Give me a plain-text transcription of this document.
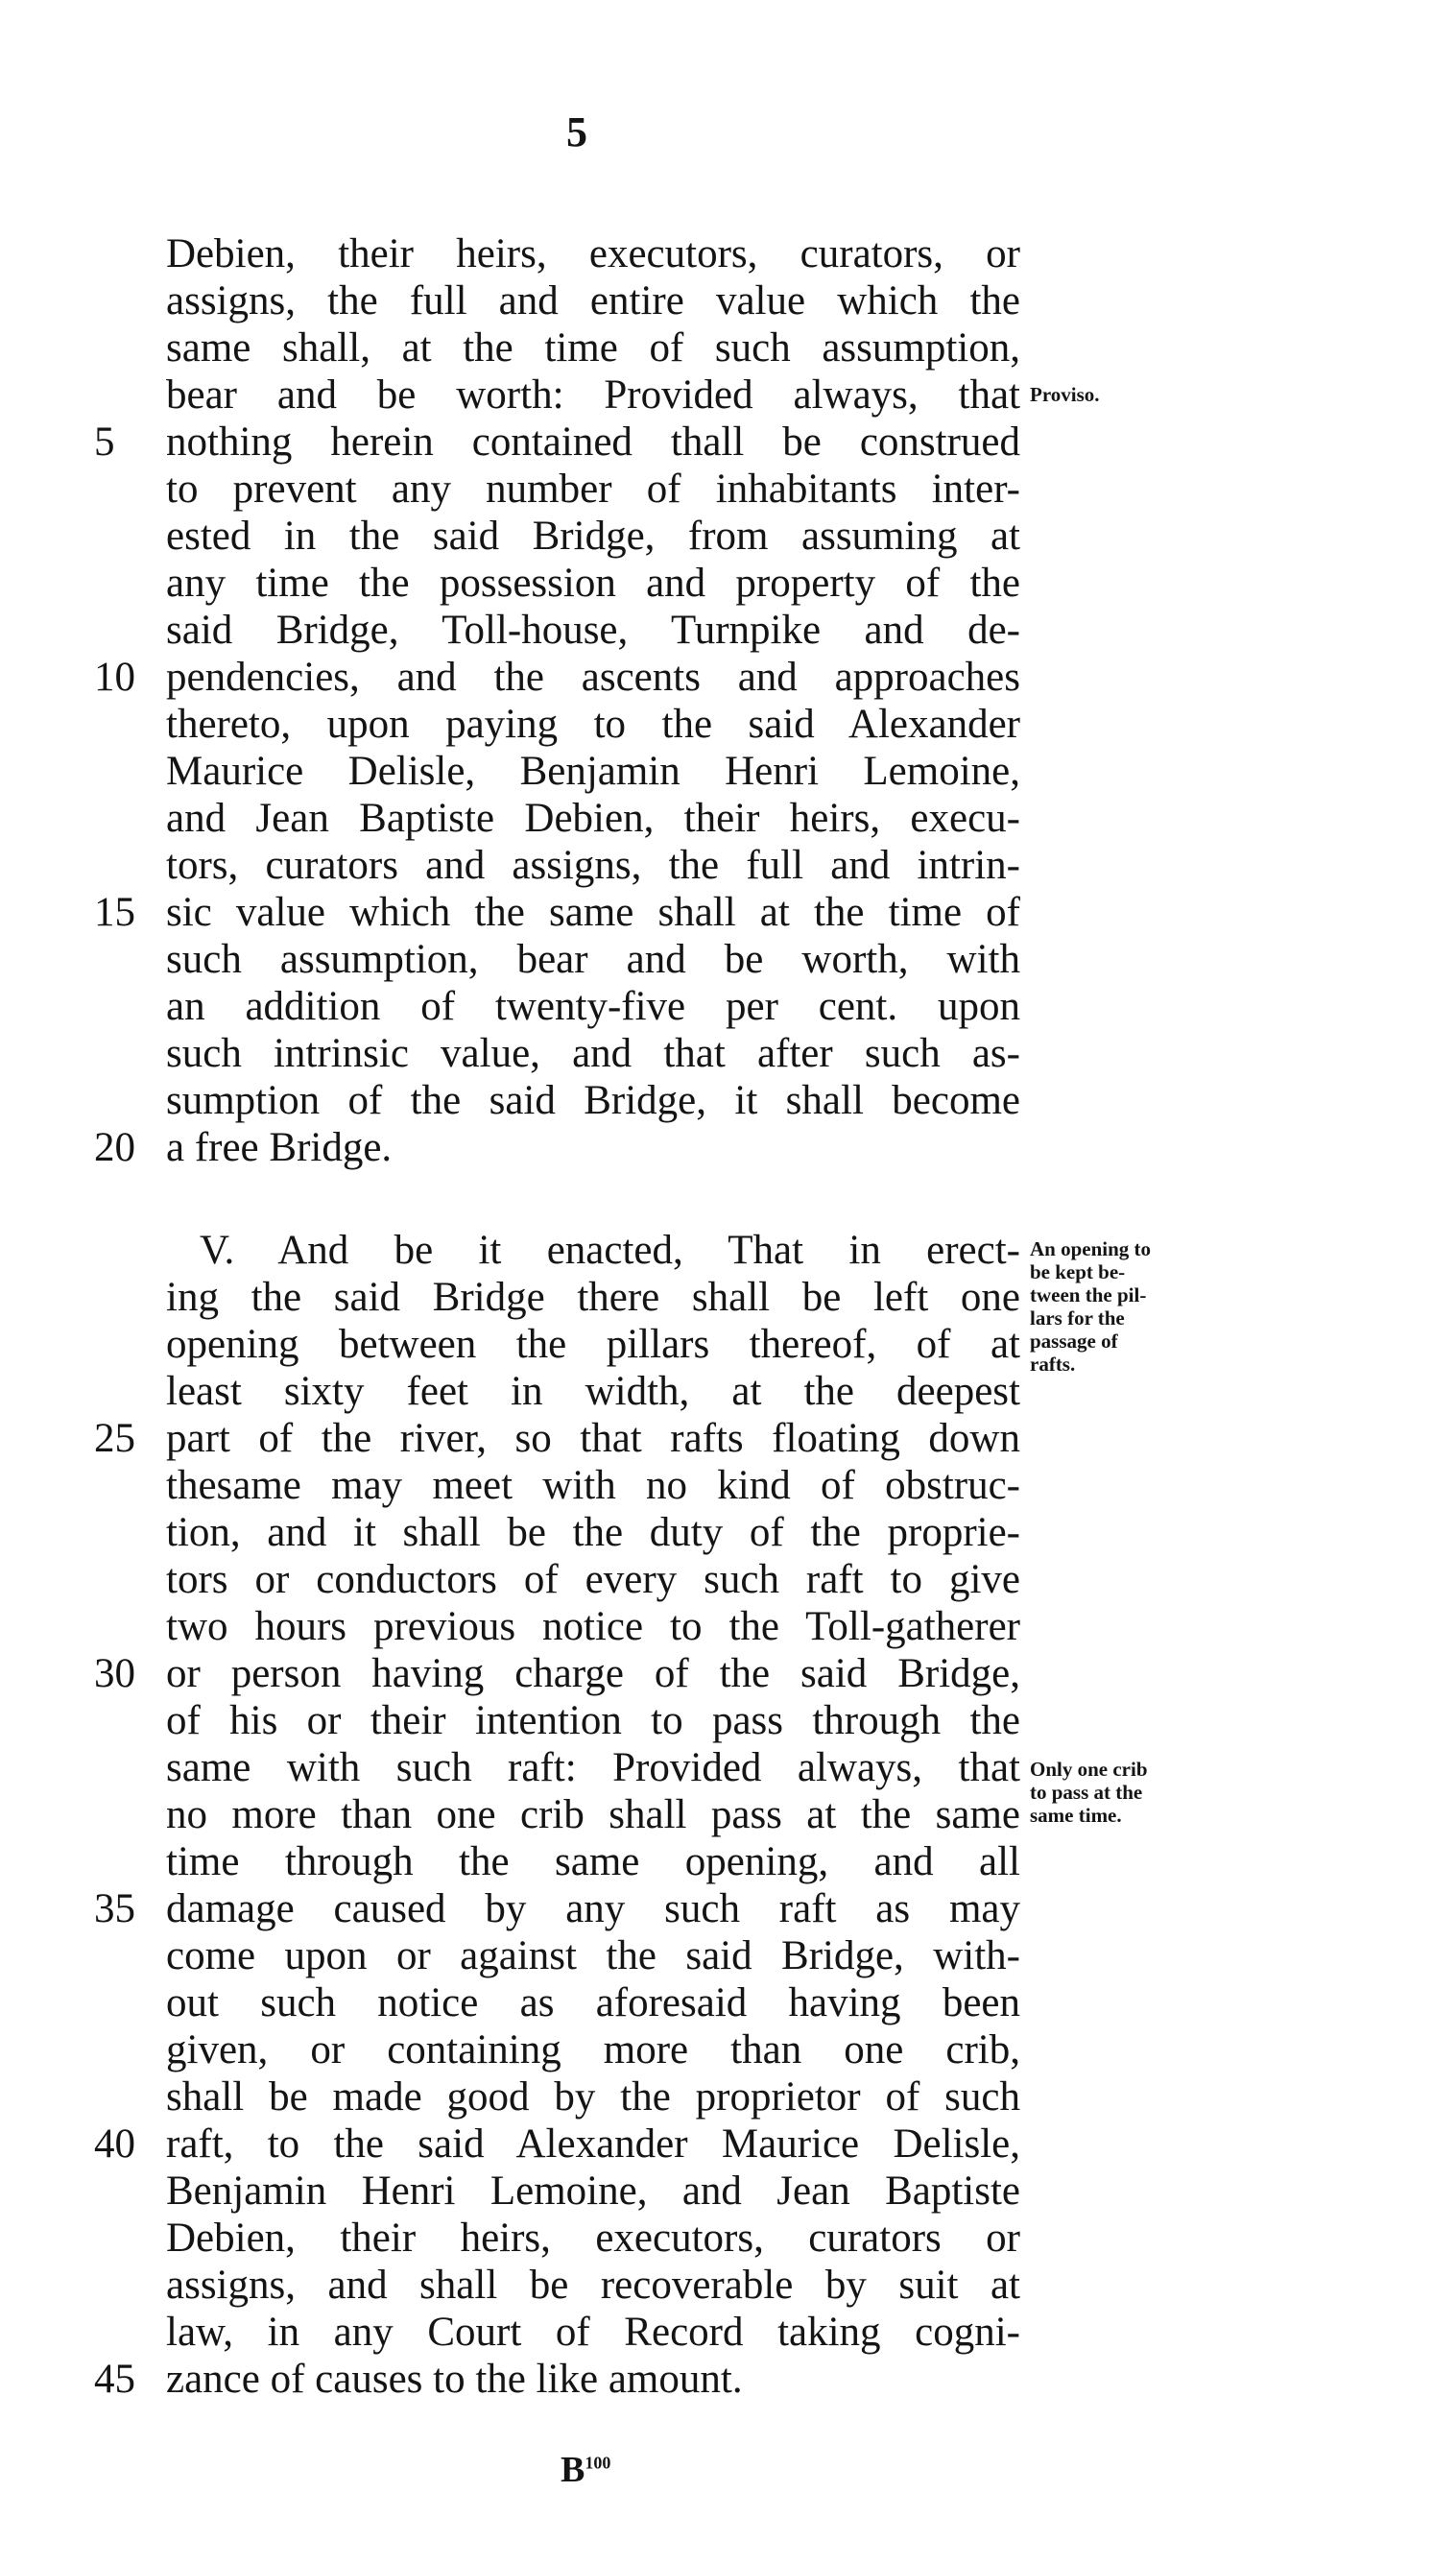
5
Debien, their heirs, executors, curators, or
assigns, the full and entire value which the
same shall, at the time of such assumption,
bear and be worth: Provided always, that
nothing herein contained thall be construed
to prevent any number of inhabitants inter-
ested in the said Bridge, from assuming at
any time the possession and property of the
said Bridge, Toll-house, Turnpike and de-
pendencies, and the ascents and approaches
thereto, upon paying to the said Alexander
Maurice Delisle, Benjamin Henri Lemoine,
and Jean Baptiste Debien, their heirs, execu-
tors, curators and assigns, the full and intrin-
sic value which the same shall at the time of
such assumption, bear and be worth, with
an addition of twenty-five per cent. upon
such intrinsic value, and that after such as-
sumption of the said Bridge, it shall become
a free Bridge.
V. And be it enacted, That in erect-
ing the said Bridge there shall be left one
opening between the pillars thereof, of at
least sixty feet in width, at the deepest
part of the river, so that rafts floating down
thesame may meet with no kind of obstruc-
tion, and it shall be the duty of the proprie-
tors or conductors of every such raft to give
two hours previous notice to the Toll-gatherer
or person having charge of the said Bridge,
of his or their intention to pass through the
same with such raft: Provided always, that
no more than one crib shall pass at the same
time through the same opening, and all
damage caused by any such raft as may
come upon or against the said Bridge, with-
out such notice as aforesaid having been
given, or containing more than one crib,
shall be made good by the proprietor of such
raft, to the said Alexander Maurice Delisle,
Benjamin Henri Lemoine, and Jean Baptiste
Debien, their heirs, executors, curators or
assigns, and shall be recoverable by suit at
law, in any Court of Record taking cogni-
zance of causes to the like amount.
5
10
15
20
25
30
35
40
45
Proviso.
An opening to
be kept be-
tween the pil-
lars for the
passage of
rafts.
Only one crib
to pass at the
same time.
$B^{100}$
